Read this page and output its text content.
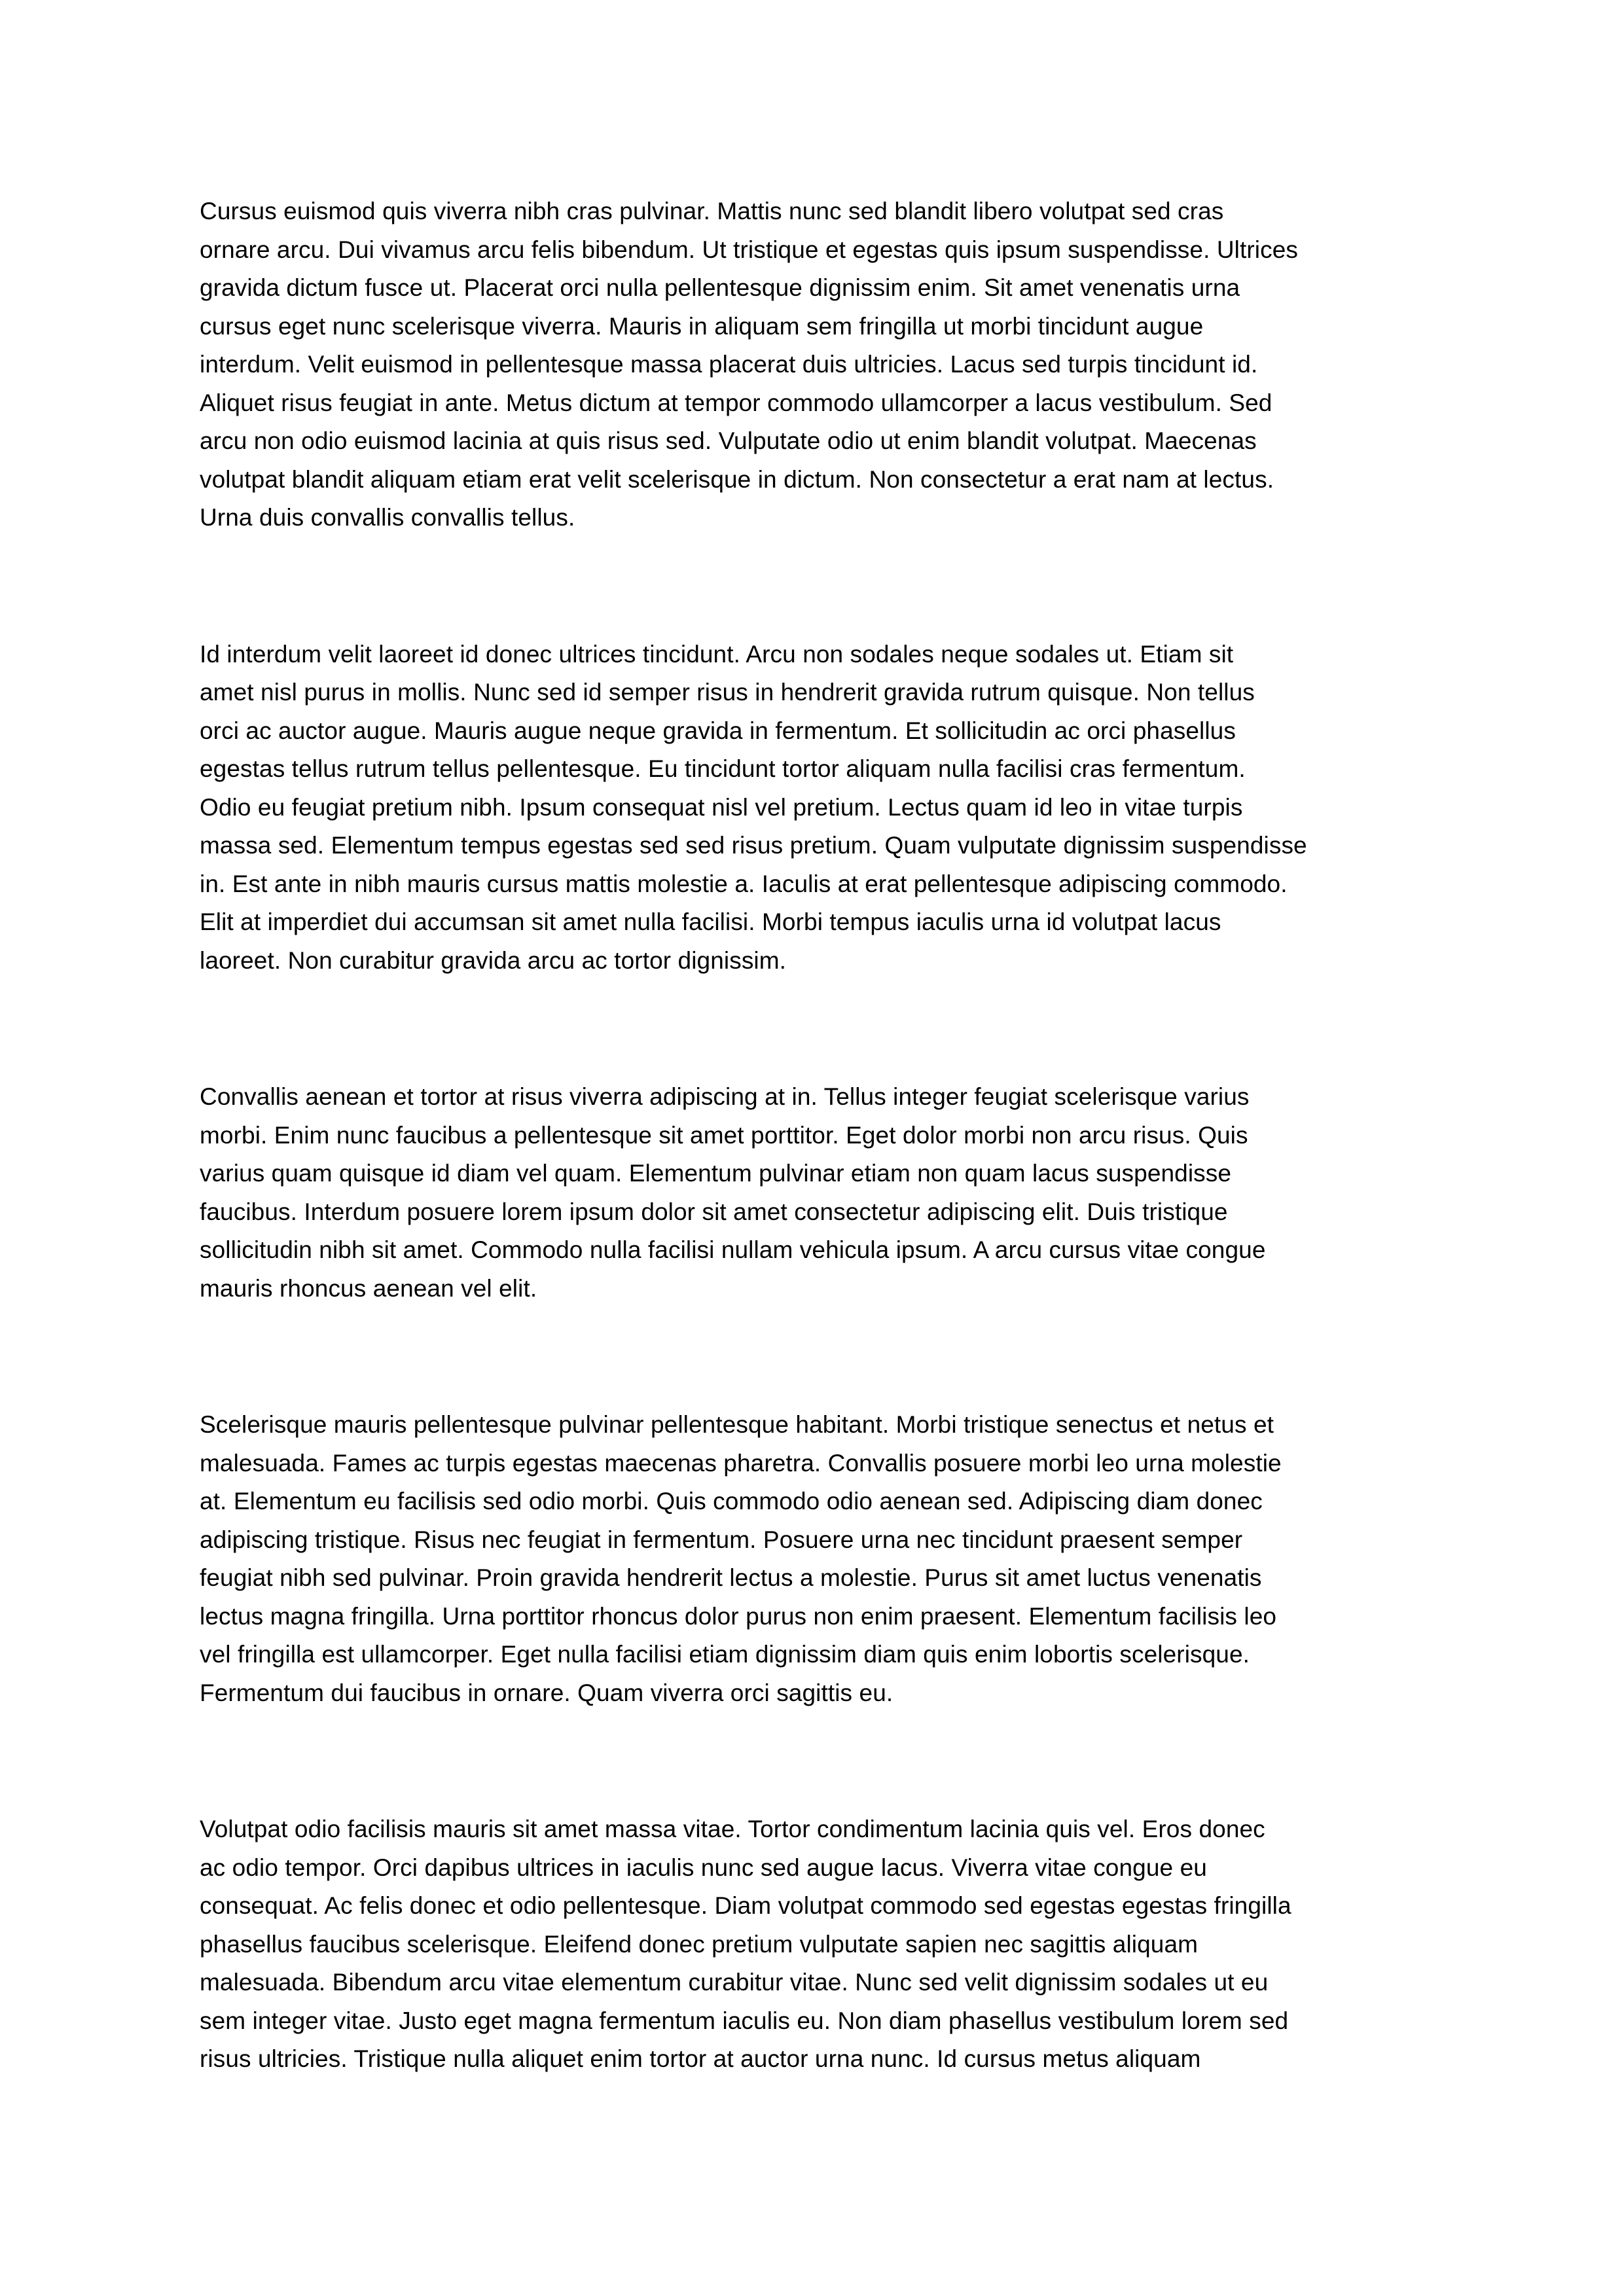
Cursus euismod quis viverra nibh cras pulvinar. Mattis nunc sed blandit libero volutpat sed cras
ornare arcu. Dui vivamus arcu felis bibendum. Ut tristique et egestas quis ipsum suspendisse. Ultrices
gravida dictum fusce ut. Placerat orci nulla pellentesque dignissim enim. Sit amet venenatis urna
cursus eget nunc scelerisque viverra. Mauris in aliquam sem fringilla ut morbi tincidunt augue
interdum. Velit euismod in pellentesque massa placerat duis ultricies. Lacus sed turpis tincidunt id.
Aliquet risus feugiat in ante. Metus dictum at tempor commodo ullamcorper a lacus vestibulum. Sed
arcu non odio euismod lacinia at quis risus sed. Vulputate odio ut enim blandit volutpat. Maecenas
volutpat blandit aliquam etiam erat velit scelerisque in dictum. Non consectetur a erat nam at lectus.
Urna duis convallis convallis tellus.
Id interdum velit laoreet id donec ultrices tincidunt. Arcu non sodales neque sodales ut. Etiam sit
amet nisl purus in mollis. Nunc sed id semper risus in hendrerit gravida rutrum quisque. Non tellus
orci ac auctor augue. Mauris augue neque gravida in fermentum. Et sollicitudin ac orci phasellus
egestas tellus rutrum tellus pellentesque. Eu tincidunt tortor aliquam nulla facilisi cras fermentum.
Odio eu feugiat pretium nibh. Ipsum consequat nisl vel pretium. Lectus quam id leo in vitae turpis
massa sed. Elementum tempus egestas sed sed risus pretium. Quam vulputate dignissim suspendisse
in. Est ante in nibh mauris cursus mattis molestie a. Iaculis at erat pellentesque adipiscing commodo.
Elit at imperdiet dui accumsan sit amet nulla facilisi. Morbi tempus iaculis urna id volutpat lacus
laoreet. Non curabitur gravida arcu ac tortor dignissim.
Convallis aenean et tortor at risus viverra adipiscing at in. Tellus integer feugiat scelerisque varius
morbi. Enim nunc faucibus a pellentesque sit amet porttitor. Eget dolor morbi non arcu risus. Quis
varius quam quisque id diam vel quam. Elementum pulvinar etiam non quam lacus suspendisse
faucibus. Interdum posuere lorem ipsum dolor sit amet consectetur adipiscing elit. Duis tristique
sollicitudin nibh sit amet. Commodo nulla facilisi nullam vehicula ipsum. A arcu cursus vitae congue
mauris rhoncus aenean vel elit.
Scelerisque mauris pellentesque pulvinar pellentesque habitant. Morbi tristique senectus et netus et
malesuada. Fames ac turpis egestas maecenas pharetra. Convallis posuere morbi leo urna molestie
at. Elementum eu facilisis sed odio morbi. Quis commodo odio aenean sed. Adipiscing diam donec
adipiscing tristique. Risus nec feugiat in fermentum. Posuere urna nec tincidunt praesent semper
feugiat nibh sed pulvinar. Proin gravida hendrerit lectus a molestie. Purus sit amet luctus venenatis
lectus magna fringilla. Urna porttitor rhoncus dolor purus non enim praesent. Elementum facilisis leo
vel fringilla est ullamcorper. Eget nulla facilisi etiam dignissim diam quis enim lobortis scelerisque.
Fermentum dui faucibus in ornare. Quam viverra orci sagittis eu.
Volutpat odio facilisis mauris sit amet massa vitae. Tortor condimentum lacinia quis vel. Eros donec
ac odio tempor. Orci dapibus ultrices in iaculis nunc sed augue lacus. Viverra vitae congue eu
consequat. Ac felis donec et odio pellentesque. Diam volutpat commodo sed egestas egestas fringilla
phasellus faucibus scelerisque. Eleifend donec pretium vulputate sapien nec sagittis aliquam
malesuada. Bibendum arcu vitae elementum curabitur vitae. Nunc sed velit dignissim sodales ut eu
sem integer vitae. Justo eget magna fermentum iaculis eu. Non diam phasellus vestibulum lorem sed
risus ultricies. Tristique nulla aliquet enim tortor at auctor urna nunc. Id cursus metus aliquam
